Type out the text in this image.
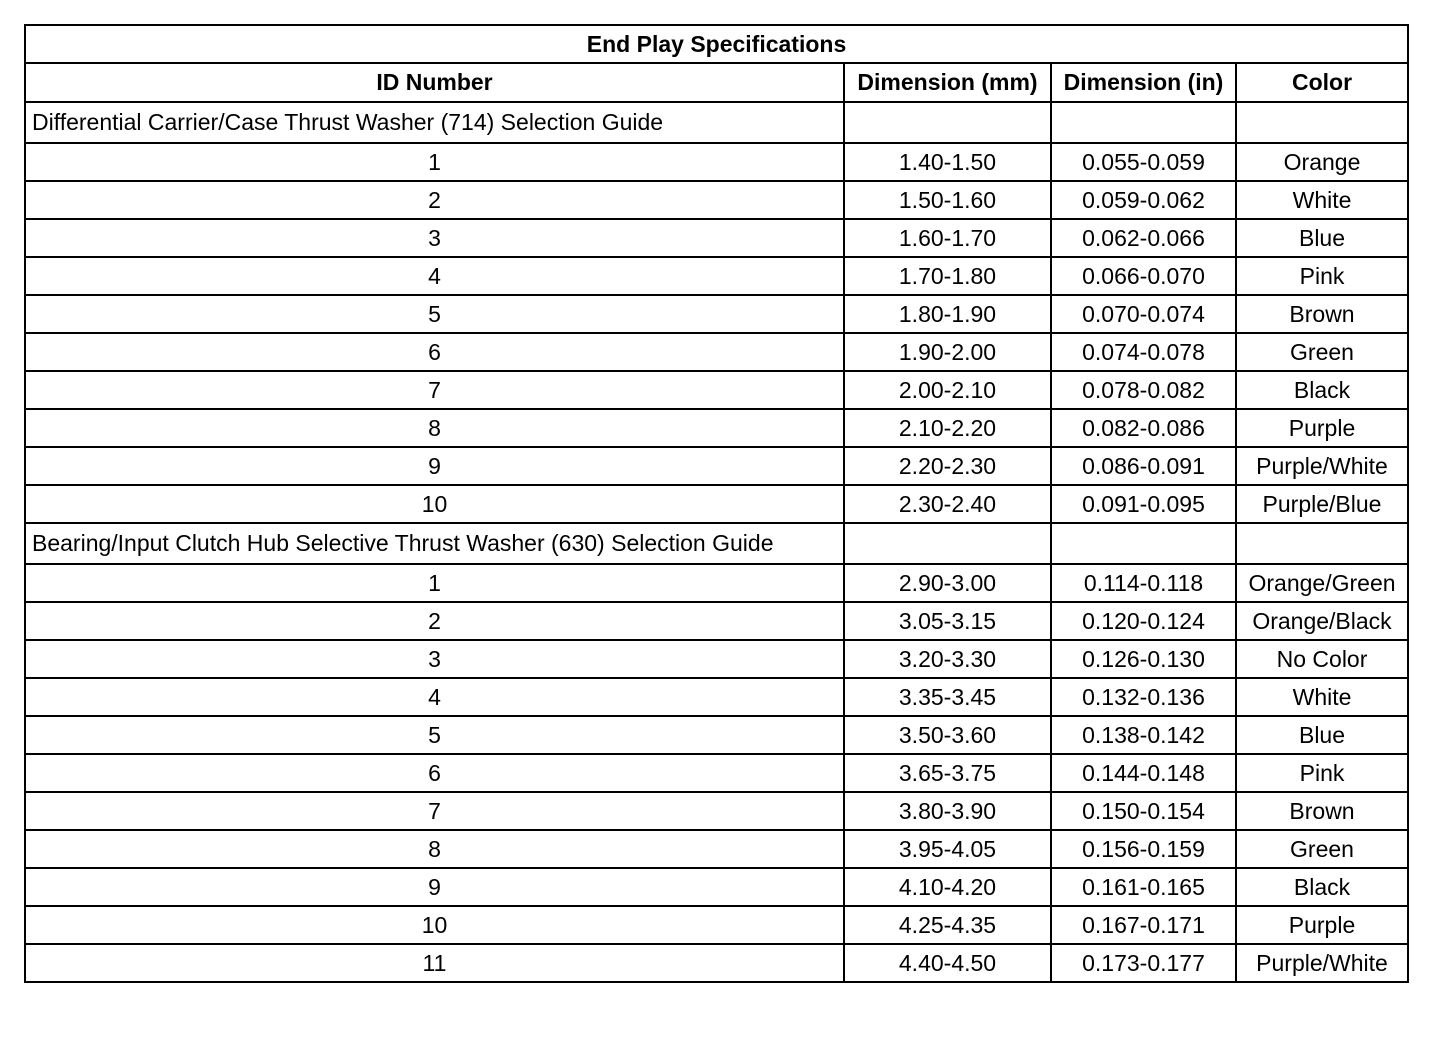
End Play Specifications			
ID Number	Dimension (mm)	Dimension (in)	Color
Differential Carrier/Case Thrust Washer (714) Selection Guide			
1	1.40-1.50	0.055-0.059	Orange
2	1.50-1.60	0.059-0.062	White
3	1.60-1.70	0.062-0.066	Blue
4	1.70-1.80	0.066-0.070	Pink
5	1.80-1.90	0.070-0.074	Brown
6	1.90-2.00	0.074-0.078	Green
7	2.00-2.10	0.078-0.082	Black
8	2.10-2.20	0.082-0.086	Purple
9	2.20-2.30	0.086-0.091	Purple/White
10	2.30-2.40	0.091-0.095	Purple/Blue
Bearing/Input Clutch Hub Selective Thrust Washer (630) Selection Guide			
1	2.90-3.00	0.114-0.118	Orange/Green
2	3.05-3.15	0.120-0.124	Orange/Black
3	3.20-3.30	0.126-0.130	No Color
4	3.35-3.45	0.132-0.136	White
5	3.50-3.60	0.138-0.142	Blue
6	3.65-3.75	0.144-0.148	Pink
7	3.80-3.90	0.150-0.154	Brown
8	3.95-4.05	0.156-0.159	Green
9	4.10-4.20	0.161-0.165	Black
10	4.25-4.35	0.167-0.171	Purple
11	4.40-4.50	0.173-0.177	Purple/White
